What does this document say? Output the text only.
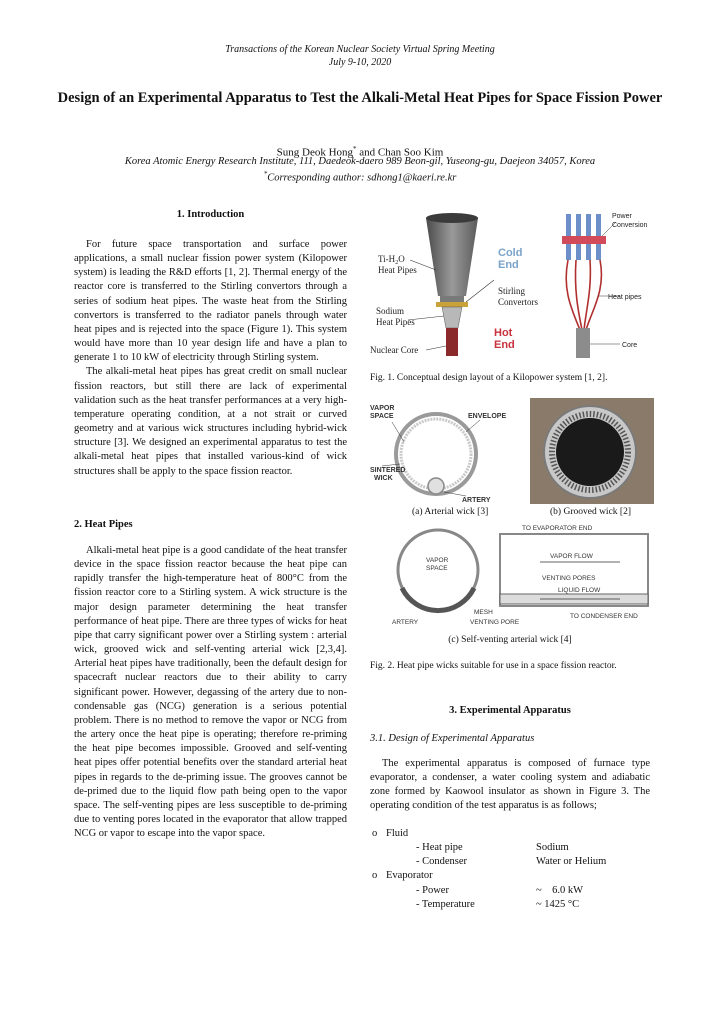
Transactions of the Korean Nuclear Society Virtual Spring Meeting
July 9-10, 2020
Design of an Experimental Apparatus to Test the Alkali-Metal Heat Pipes for Space Fission Power
Sung Deok Hong* and Chan Soo Kim
Korea Atomic Energy Research Institute, 111, Daedeok-daero 989 Beon-gil, Yuseong-gu, Daejeon 34057, Korea
*Corresponding author: sdhong1@kaeri.re.kr
1. Introduction

For future space transportation and surface power applications, a small nuclear fission power system (Kilopower system) is leading the R&D efforts [1, 2]. Thermal energy of the reactor core is transferred to the Stirling convertors through a series of sodium heat pipes. The waste heat from the Stirling convertors is transferred to the radiator panels through water heat pipes and is rejected into the space (Figure 1). This system would have more than 10 year design life and have a plan to generate 1 to 10 kW of electricity through Stirling system.

The alkali-metal heat pipes has great credit on small nuclear fission reactors, but still there are lack of experimental validation such as the heat transfer performances at a very high-temperature operating condition, at a not strait or curved geometry and at various wick structures including hybrid-wick structure [3]. We designed an experimental apparatus to test the alkali-metal heat pipes that installed various-kind of wick structures shall be apply to the space fission reactor.

2. Heat Pipes

Alkali-metal heat pipe is a good candidate of the heat transfer device in the space fission reactor because the heat pipe can rapidly transfer the high-temperature heat of 800°C from the fission reactor core to a Stirling system. A wick structure is the major design parameter determining the heat transfer performance of heat pipe. There are three types of wicks for heat pipe that carry significant power over a Stirling system : arterial wick, grooved wick and self-venting arterial wick [2,3,4]. Arterial heat pipes have traditionally, been the default design for spacecraft nuclear reactors due to their ability to carry significant power. However, degassing of the artery due to non-condensable gas (NCG) generation is a serious potential problem. There is no method to remove the vapor or NCG from the artery once the heat pipe is operating; therefore re-priming the heat pipe becomes impossible. Grooved and self-venting heat pipes offer potential benefits over the standard arterial heat pipes in regards to the de-priming issue. The grooves cannot be de-primed due to the liquid flow path being open to the vapor space. The self-venting pipes are less susceptible to de-priming due to venting pores located in the evaporator that allow trapped NCG or vapor to escape into the vapor space.

$Ti-H_2O$
Heat Pipes
Sodium
Heat Pipes
Nuclear Core
Cold
End
Stirling
Convertors
Hot
End
Power
Conversion
Heat pipes
Core
Fig. 1. Conceptual design layout of a Kilopower system [1, 2].
VAPOR
SPACE	ENVELOPE
SINTERED
WICK
ARTERY
(a) Arterial wick [3]	(b) Grooved wick [2]
TO EVAPORATOR END
VAPOR
SPACE
VAPOR FLOW
VENTING PORES
LIQUID FLOW
MESH
ARTERY	VENTING PORE
TO CONDENSER END
(c) Self-venting arterial wick [4]
Fig. 2. Heat pipe wicks suitable for use in a space fission reactor.
3. Experimental Apparatus
3.1. Design of Experimental Apparatus

The experimental apparatus is composed of furnace type evaporator, a condenser, a water cooling system and adiabatic zone formed by Kaowool insulator as shown in Figure 3. The operating condition of the test apparatus is as follows;

o Fluid
- Heat pipe	Sodium
- Condenser	Water or Helium
o Evaporator
- Power	~    6.0 kW
- Temperature	~ 1425 °C
